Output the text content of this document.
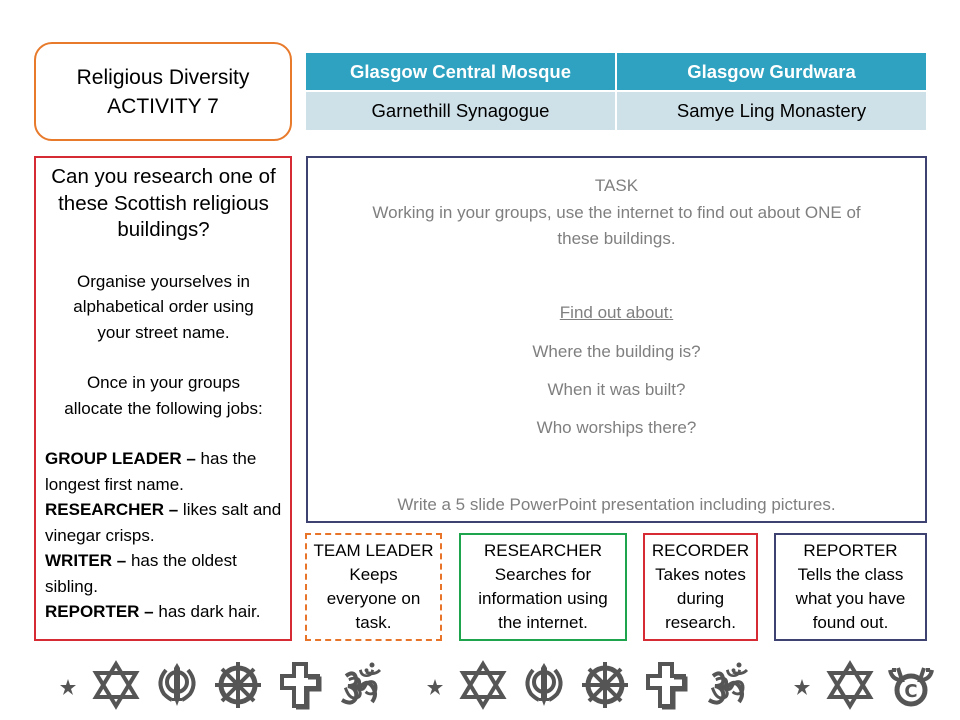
Religious Diversity
ACTIVITY 7
Glasgow Central Mosque	Glasgow Gurdwara
Garnethill Synagogue	Samye Ling Monastery

Can you research one of
these Scottish religious
buildings?

Organise yourselves in
alphabetical order using
your street name.

Once in your groups
allocate the following jobs:

GROUP LEADER – has the longest first name.
RESEARCHER – likes salt and vinegar crisps.
WRITER – has the oldest sibling.
REPORTER – has dark hair.
TASK
Working in your groups, use the internet to find out about ONE of
these buildings.
Find out about:
Where the building is?
When it was built?
Who worships there?
Write a 5 slide PowerPoint presentation including pictures.
TEAM LEADER
Keeps
everyone on
task.
RESEARCHER
Searches for
information using
the internet.
RECORDER
Takes notes
during
research.
REPORTER
Tells the class
what you have
found out.
